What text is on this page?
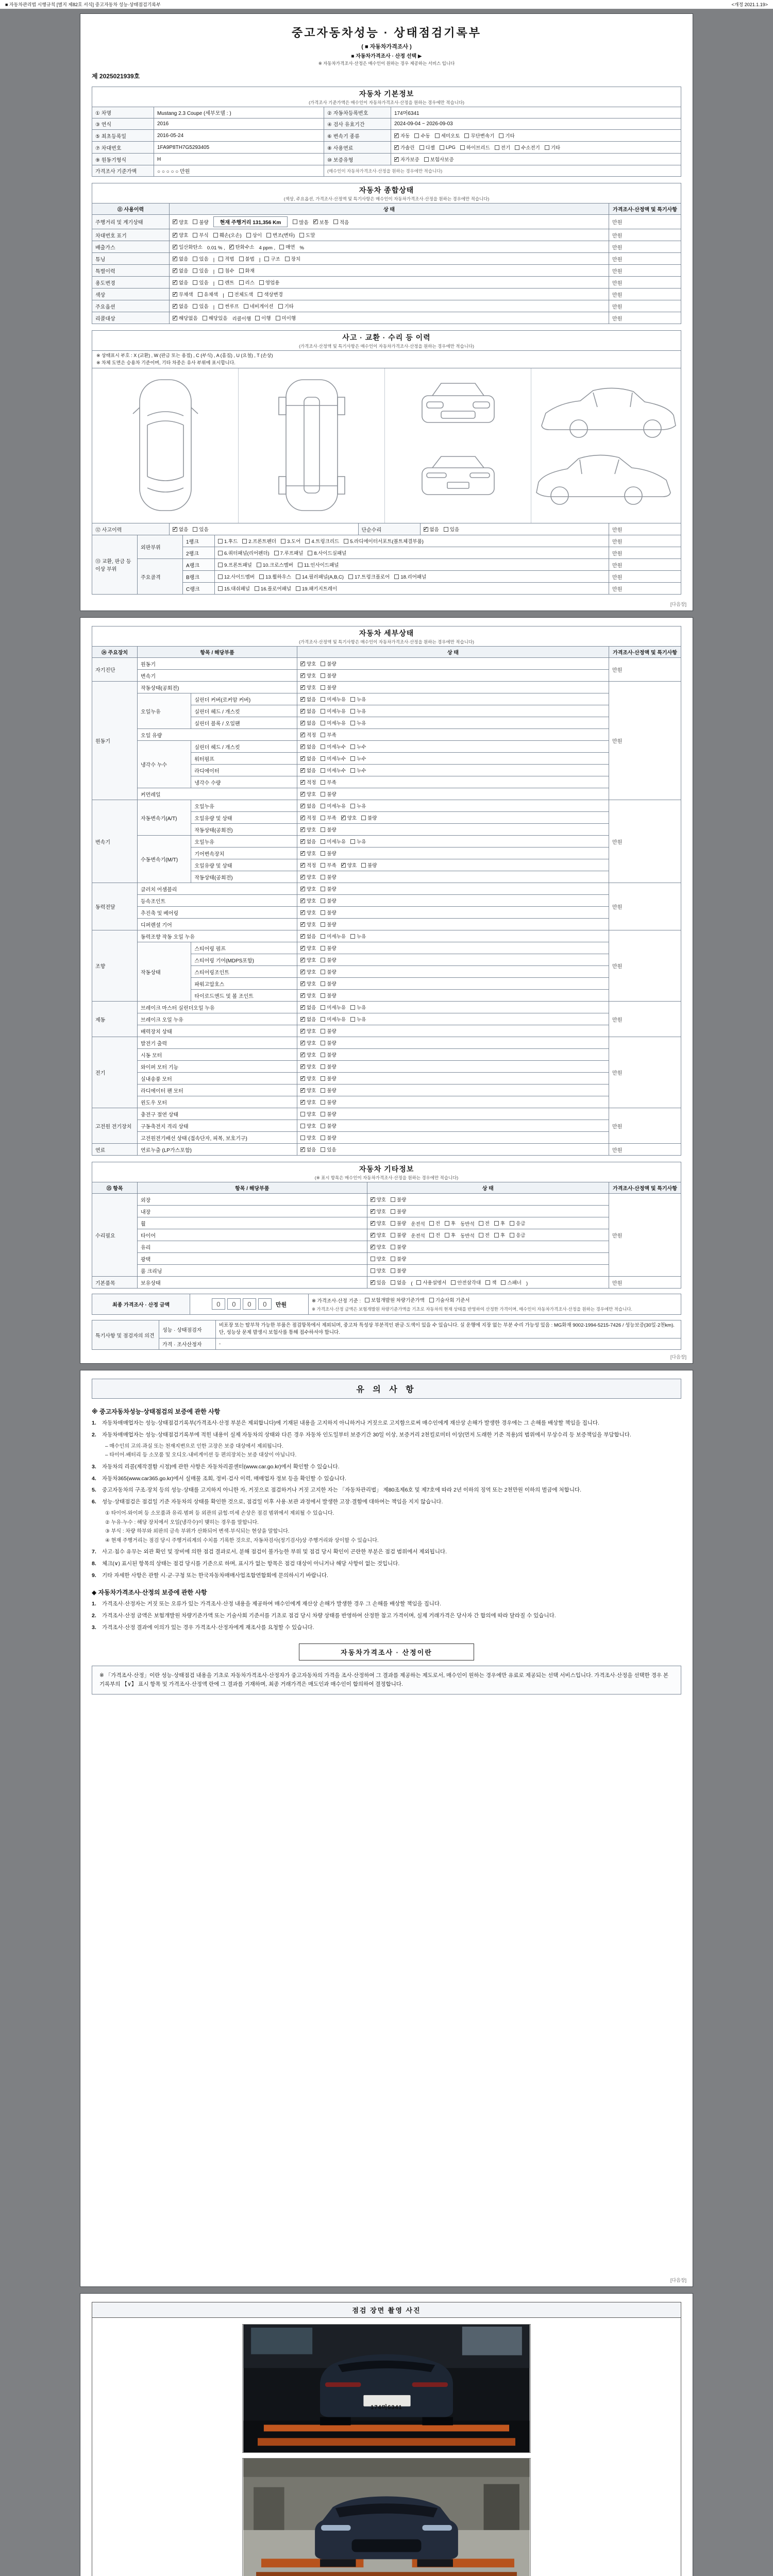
■ 자동차관리법 시행규칙 [별지 제82호 서식] 중고자동차 성능·상태점검기록부	<개정 2021.1.19>
중고자동차성능 · 상태점검기록부
( ■ 자동차가격조사 )
■ 자동차가격조사 · 산정 선택 ▶
※ 자동차가격조사·산정은 매수인이 원하는 경우 제공하는 서비스 입니다
제 2025021939호
자동차 기본정보
(가격조사 기준가액은 매수인이 자동차가격조사·산정을 원하는 경우에만 적습니다)
① 차명	Mustang 2.3 Coupe (세부모델 : )	② 자동차등록번호	174머6341
③ 연식	2016	④ 검사 유효기간	2024-09-04 ~ 2026-09-03
⑤ 최초등록일	2016-05-24	⑥ 변속기 종류	
✓자동 수동 세미오토 무단변속기 기타

⑦ 차대번호	1FA9P8TH7G5293405	⑧ 사용연료	
✓가솔린 디젤 LPG 하이브리드 전기 수소전기 기타

⑨ 원동기형식	H	⑩ 보증유형	
✓자가보증 보험사보증

가격조사 기준가액	○ ○ ○ ○ ○ 만원	(매수인이 자동차가격조사·산정을 원하는 경우에만 적습니다)	
자동차 종합상태
(색상, 주요옵션, 가격조사·산정액 및 특기사항은 매수인이 자동차가격조사·산정을 원하는 경우에만 적습니다)
⑪ 사용이력	상 태	가격조사·산정액 및 특기사항
주행거리 및 계기상태	
✓양호 불량 현재 주행거리 131,356 Km	많음 ✓ 보통 적음	만원
차대번호 표기	
✓양호 부식 훼손(오손) 상이 변조(변타) 도말	만원
배출가스	
✓일산화탄소 0.01 % , ✓ 탄화수소 4 ppm , 매연 %	만원
튜닝	
✓없음 있음 | 적법 불법 | 구조 장치	만원
특별이력	
✓없음 있음 | 침수 화재	만원
용도변경	
✓없음 있음 | 렌트 리스 영업용	만원
색상	
✓무채색 유채색 | 전체도색 색상변경	만원
주요옵션	
✓없음 있음 | 썬루프 네비게이션 기타	만원
리콜대상	
✓해당없음 해당있음 리콜이행 이행 미이행	만원
사고 · 교환 · 수리 등 이력
(가격조사·산정액 및 특기사항은 매수인이 자동차가격조사·산정을 원하는 경우에만 적습니다)
※ 상태표시 부호 : X (교환) , W (판금 또는 용접) , C (부식) , A (흠집) , U (요철) , T (손상)
※ 차체 도면은 승용차 기준이며, 기타 차종은 유사 부위에 표시합니다.
⑫ 사고이력	
✓없음 있음	단순수리	
✓없음 있음	만원
⑬ 교환, 판금 등 이상 부위	외판부위	1랭크	1.후드 2.프론트펜더 3.도어 4.트렁크리드 5.라디에이터서포트(볼트체결부품)	만원
		2랭크	6.쿼터패널(리어펜더) 7.루프패널 8.사이드실패널	만원
	주요골격	A랭크	9.프론트패널 10.크로스멤버 11.인사이드패널	만원
		B랭크	12.사이드멤버 13.휠하우스 14.필러패널(A,B,C) 17.트렁크플로어 18.리어패널	만원
		C랭크	15.대쉬패널 16.플로어패널 19.패키지트레이	만원
[다음장]
자동차 세부상태
(가격조사·산정액 및 특기사항은 매수인이 자동차가격조사·산정을 원하는 경우에만 적습니다)
⑭ 주요장치	항목 / 해당부품		상 태	가격조사·산정액 및 특기사항
자기진단	원동기	
✓양호 불량	만원
	변속기	
✓양호 불량

원동기	작동상태(공회전)	
✓양호 불량	만원
	오일누유	실린더 커버(로커암 커버)	
✓없음 미세누유 누유

		실린더 헤드 / 개스킷	
✓없음 미세누유 누유

		실린더 블록 / 오일팬	
✓없음 미세누유 누유

	오일 유량	
✓적정 부족

	냉각수 누수	실린더 헤드 / 개스킷	
✓없음 미세누수 누수

		워터펌프	
✓없음 미세누수 누수

		라디에이터	
✓없음 미세누수 누수

		냉각수 수량	
✓적정 부족

	커먼레일	
✓양호 불량

변속기	자동변속기(A/T)	오일누유	
✓없음 미세누유 누유	만원
		오일유량 및 상태	
✓적정 부족 ✓ 양호 불량

		작동상태(공회전)	
✓양호 불량

	수동변속기(M/T)	오일누유	
✓없음 미세누유 누유

		기어변속장치	
✓양호 불량

		오일유량 및 상태	
✓적정 부족 ✓ 양호 불량

		작동상태(공회전)	
✓양호 불량

동력전달	클러치 어셈블리	
✓양호 불량	만원
	등속조인트	
✓양호 불량

	추진축 및 베어링	
✓양호 불량

	디퍼렌셜 기어	
✓양호 불량

조향	동력조향 작동 오일 누유	
✓없음 미세누유 누유	만원
	작동상태	스티어링 펌프	
✓양호 불량

		스티어링 기어(MDPS포함)	
✓양호 불량

		스티어링조인트	
✓양호 불량

		파워고압호스	
✓양호 불량

		타이로드엔드 및 볼 조인트	
✓양호 불량

제동	브레이크 마스터 실린더오일 누유	
✓없음 미세누유 누유	만원
	브레이크 오일 누유	
✓없음 미세누유 누유

	배력장치 상태	
✓양호 불량

전기	발전기 출력	
✓양호 불량	만원
	시동 모터	
✓양호 불량

	와이퍼 모터 기능	
✓양호 불량

	실내송풍 모터	
✓양호 불량

	라디에이터 팬 모터	
✓양호 불량

	윈도우 모터	
✓양호 불량

고전원 전기장치	충전구 절연 상태		양호 불량	만원
	구동축전지 격리 상태		양호 불량	

	고전원전기배선 상태 (접속단자, 피복, 보호기구)		양호 불량	

연료	연료누출 (LP가스포함)	
✓없음 있음	만원
자동차 기타정보
(※ 표시 항목은 매수인이 자동차가격조사·산정을 원하는 경우에만 적습니다)
⑮ 항목	항목 / 해당부품	상 태	가격조사·산정액 및 특기사항
수리필요	외장	
✓양호 불량	만원
	내장	
✓양호 불량

휠	
✓양호 불량 운전석 전 후 동반석 전 후 응급

타이어	
✓양호 불량 운전석 전 후 동반석 전 후 응급

	유리	
✓양호 불량

	광택	양호 불량	

	룸 크리닝	양호 불량	

기본품목	보유상태	
✓있음 없음 ( 사용설명서 안전삼각대 잭 스패너 )	만원
최종 가격조사 · 산정 금액	0 0 0 0 만원	
※ 가격조사·산정 기준 : 보험개발원 차량기준가액 기술사회 기준서
※ 가격조사·산정 금액은 보험개발원 차량기준가액을 기초로 자동차의 현재 상태를 반영하여 산정한 가격이며, 매수인이 자동차가격조사·산정을 원하는 경우에만 적습니다.
특기사항 및 점검자의 의견	성능 · 상태점검자	비포장 또는 탈부착 가능한 부품은 점검항목에서 제외되며, 중고차 특성상 부분적인 판금·도색이 있을 수 있습니다. 실 운행에 지장 없는 부분 수리 가능성 있음 : MG화재 9002-1994-5215-7426 / 성능보증(30일·2천km). 단, 성능상 문제 발생시 보험사를 통해 접수하셔야 합니다.
	가격 · 조사산정자	-
[다음장]
유 의 사 항
※ 중고자동차성능·상태점검의 보증에 관한 사항
1.	자동차매매업자는 성능·상태점검기록부(가격조사·산정 부분은 제외합니다)에 기재된 내용을 고지하지 아니하거나 거짓으로 고지함으로써 매수인에게 재산상 손해가 발생한 경우에는 그 손해를 배상할 책임을 집니다.
2.	자동차매매업자는 성능·상태점검기록부에 적힌 내용이 실제 자동차의 상태와 다른 경우 자동차 인도일부터 보증기간 30일 이상, 보증거리 2천킬로미터 이상(먼저 도래한 기준 적용)의 범위에서 무상수리 등 보증책임을 부담합니다.
– 매수인의 고의·과실 또는 천재지변으로 인한 고장은 보증 대상에서 제외됩니다.
– 타이어·배터리 등 소모품 및 오디오·내비게이션 등 편의장치는 보증 대상이 아닙니다.
3.	자동차의 리콜(제작결함 시정)에 관한 사항은 자동차리콜센터(www.car.go.kr)에서 확인할 수 있습니다.
4.	자동차365(www.car365.go.kr)에서 실매물 조회, 정비·검사 이력, 매매업자 정보 등을 확인할 수 있습니다.
5.	중고자동차의 구조·장치 등의 성능·상태를 고지하지 아니한 자, 거짓으로 점검하거나 거짓 고지한 자는 「자동차관리법」 제80조제6호 및 제7호에 따라 2년 이하의 징역 또는 2천만원 이하의 벌금에 처합니다.
6.	성능·상태점검은 점검일 기준 자동차의 상태를 확인한 것으로, 점검일 이후 사용·보관 과정에서 발생한 고장·결함에 대하여는 책임을 지지 않습니다.
① 타이어·와이퍼 등 소모품과 유리·범퍼 등 외관의 긁힘·미세 손상은 점검 범위에서 제외될 수 있습니다.
② 누유·누수 : 해당 장치에서 오일(냉각수)이 맺히는 경우를 말합니다.
③ 부식 : 차량 하부와 외판의 금속 부위가 산화되어 변색·부식되는 현상을 말합니다.
④ 현재 주행거리는 점검 당시 주행거리계의 수치를 기록한 것으로, 자동차검사(정기검사)상 주행거리와 상이할 수 있습니다.
7.	사고·침수 유무는 외관 확인 및 장비에 의한 점검 결과로서, 분해 점검이 불가능한 부위 및 점검 당시 확인이 곤란한 부분은 점검 범위에서 제외됩니다.
8.	체크(∨) 표시된 항목의 상태는 점검 당시를 기준으로 하며, 표시가 없는 항목은 점검 대상이 아니거나 해당 사항이 없는 것입니다.
9.	기타 자세한 사항은 관할 시·군·구청 또는 한국자동차매매사업조합연합회에 문의하시기 바랍니다.
◆ 자동차가격조사·산정의 보증에 관한 사항
1.	가격조사·산정자는 거짓 또는 오류가 있는 가격조사·산정 내용을 제공하여 매수인에게 재산상 손해가 발생한 경우 그 손해를 배상할 책임을 집니다.
2.	가격조사·산정 금액은 보험개발원 차량기준가액 또는 기술사회 기준서를 기초로 점검 당시 차량 상태를 반영하여 산정한 참고 가격이며, 실제 거래가격은 당사자 간 합의에 따라 달라질 수 있습니다.
3.	가격조사·산정 결과에 이의가 있는 경우 가격조사·산정자에게 재조사를 요청할 수 있습니다.
자동차가격조사 · 산정이란
※ 「가격조사·산정」이란 성능·상태점검 내용을 기초로 자동차가격조사·산정자가 중고자동차의 가격을 조사·산정하여 그 결과를 제공하는 제도로서, 매수인이 원하는 경우에만 유료로 제공되는 선택 서비스입니다. 가격조사·산정을 선택한 경우 본 기록부의 【∨】 표시 항목 및 가격조사·산정액 란에 그 결과를 기재하며, 최종 거래가격은 매도인과 매수인이 합의하여 결정합니다.
[다음장]
점검 장면 촬영 사진
174머6341
